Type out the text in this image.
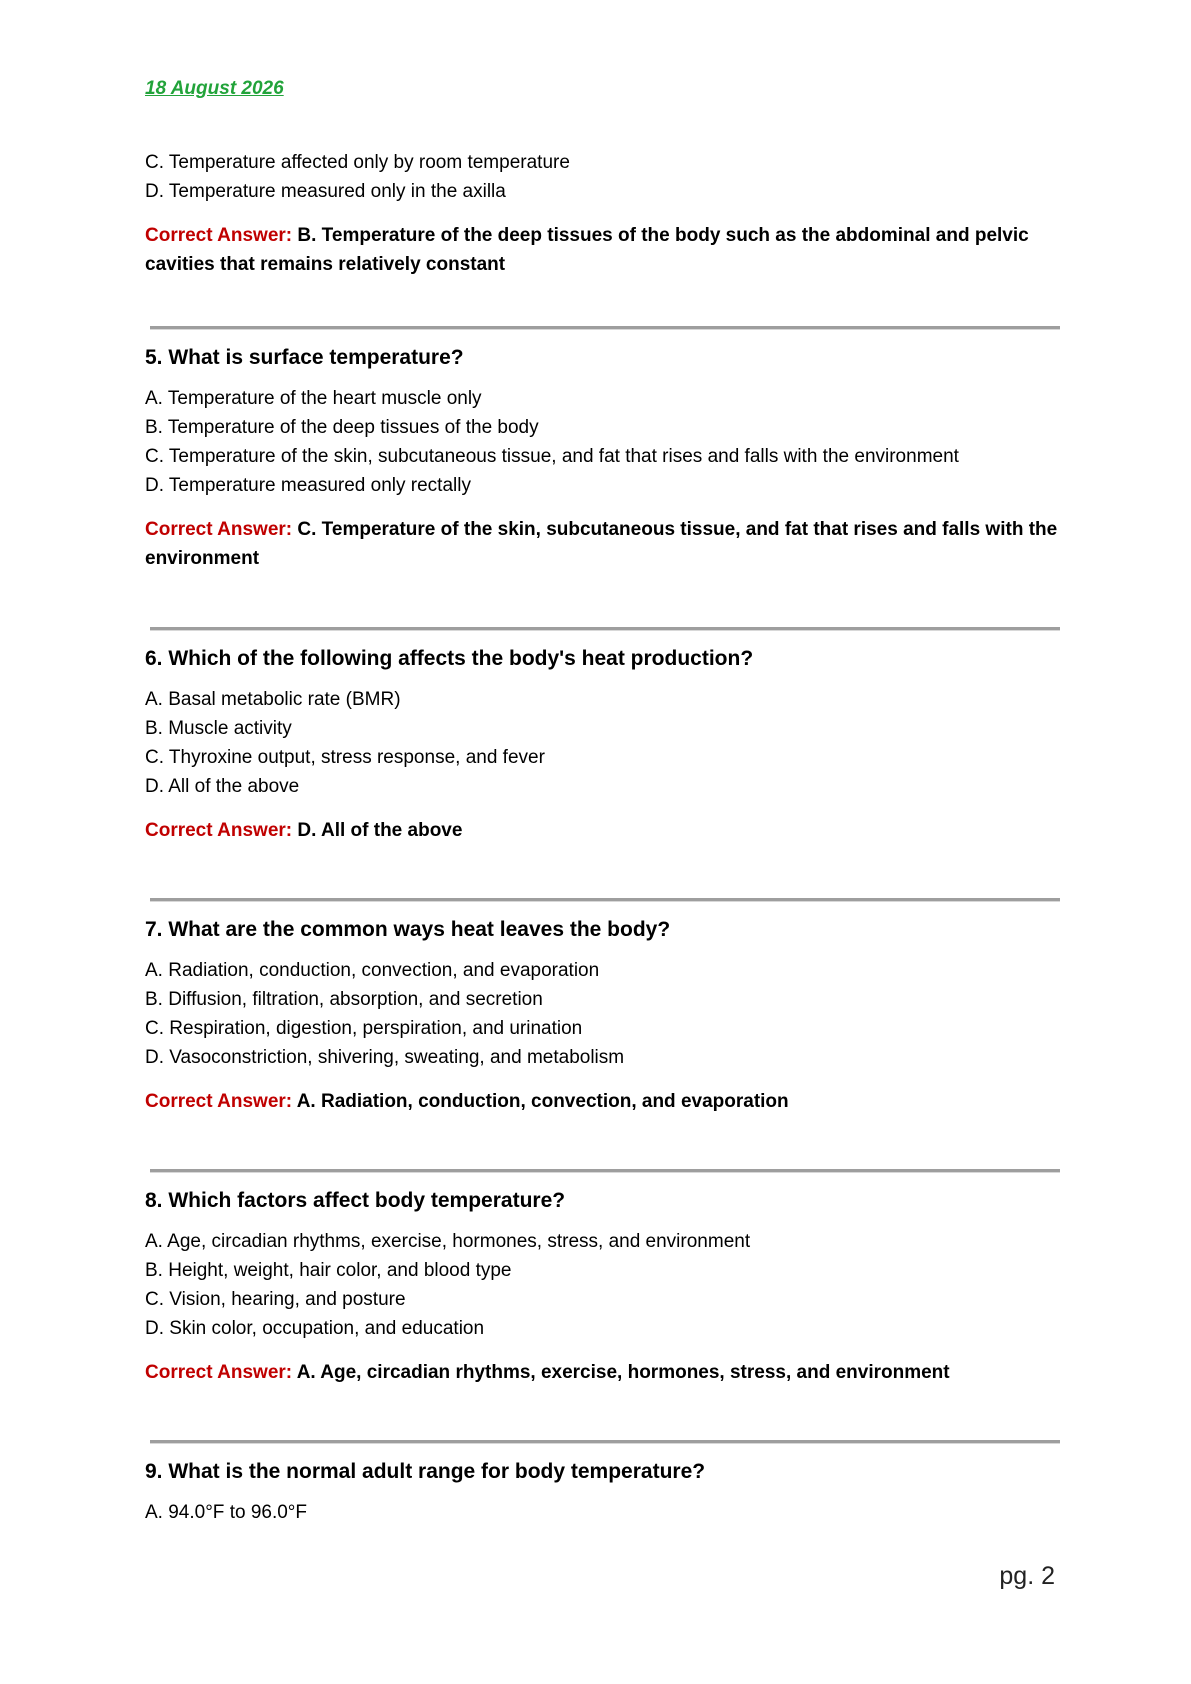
18 August 2026

C. Temperature affected only by room temperature

D. Temperature measured only in the axilla

Correct Answer: B. Temperature of the deep tissues of the body such as the abdominal and pelvic cavities that remains relatively constant

5. What is surface temperature?

A. Temperature of the heart muscle only

B. Temperature of the deep tissues of the body

C. Temperature of the skin, subcutaneous tissue, and fat that rises and falls with the environment

D. Temperature measured only rectally

Correct Answer: C. Temperature of the skin, subcutaneous tissue, and fat that rises and falls with the environment

6. Which of the following affects the body's heat production?

A. Basal metabolic rate (BMR)

B. Muscle activity

C. Thyroxine output, stress response, and fever

D. All of the above

Correct Answer: D. All of the above

7. What are the common ways heat leaves the body?

A. Radiation, conduction, convection, and evaporation

B. Diffusion, filtration, absorption, and secretion

C. Respiration, digestion, perspiration, and urination

D. Vasoconstriction, shivering, sweating, and metabolism

Correct Answer: A. Radiation, conduction, convection, and evaporation

8. Which factors affect body temperature?

A. Age, circadian rhythms, exercise, hormones, stress, and environment

B. Height, weight, hair color, and blood type

C. Vision, hearing, and posture

D. Skin color, occupation, and education

Correct Answer: A. Age, circadian rhythms, exercise, hormones, stress, and environment

9. What is the normal adult range for body temperature?

A. 94.0°F to 96.0°F

pg. 2
